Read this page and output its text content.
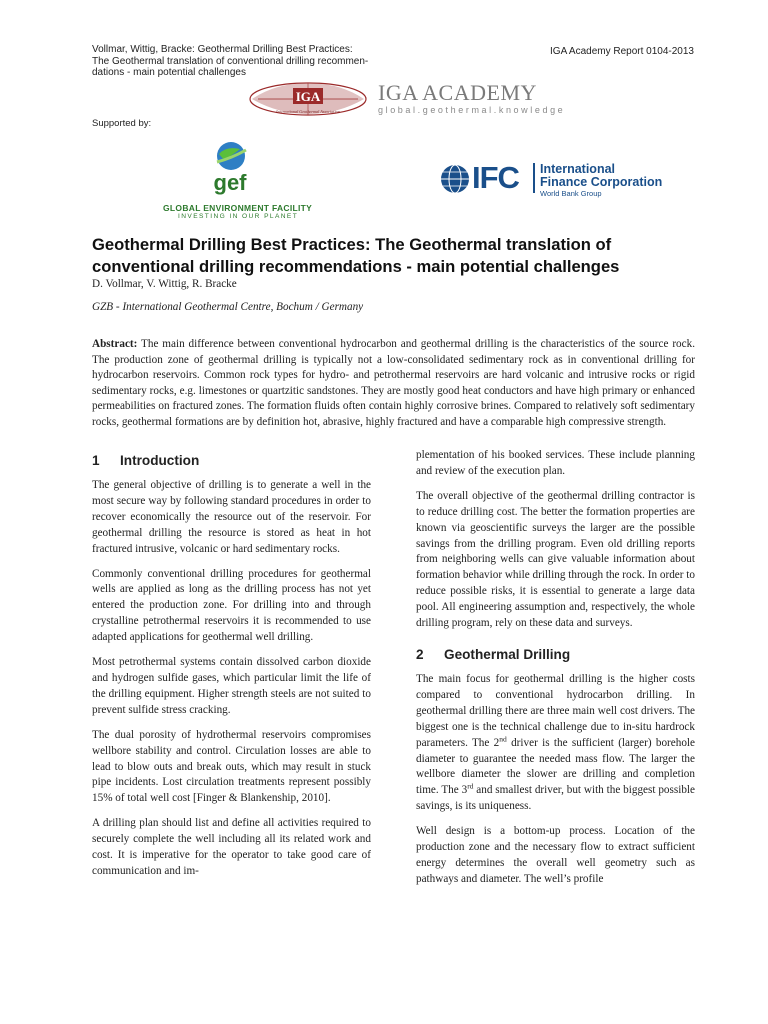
Vollmar, Wittig, Bracke: Geothermal Drilling Best Practices:
The Geothermal translation of conventional drilling recommen-
dations - main potential challenges
IGA Academy Report 0104-2013
IGA
International Geothermal Association
IGA ACADEMY
global.geothermal.knowledge
Supported by:
gef
GLOBAL ENVIRONMENT FACILITY
INVESTING IN OUR PLANET
IFC International
Finance Corporation
World Bank Group
Geothermal Drilling Best Practices: The Geothermal translation of
conventional drilling recommendations - main potential challenges
D. Vollmar, V. Wittig, R. Bracke
GZB - International Geothermal Centre, Bochum / Germany
Abstract: The main difference between conventional hydrocarbon and geothermal drilling is the characteristics of the source rock. The production zone of geothermal drilling is typically not a low-consolidated sedimentary rock as in conventional drilling for hydrocarbon reservoirs. Common rock types for hydro- and petrothermal reservoirs are hard volcanic and intrusive rocks or rigid sedimentary rocks, e.g. limestones or quartzitic sandstones. They are mostly good heat conductors and have high primary or enhanced permeabilities on fractured zones. The formation fluids often contain highly corrosive brines. Compared to relatively soft sedimentary rocks, geothermal formations are by definition hot, abrasive, highly fractured and have a comparable high compressive strength.
1 Introduction

The general objective of drilling is to generate a well in the most secure way by following standard procedures in order to recover economically the resource out of the reservoir. For geothermal drilling the resource is stored as heat in hot fractured intrusive, volcanic or hard sedimentary rocks.

Commonly conventional drilling procedures for geothermal wells are applied as long as the drilling process has not yet entered the production zone. For drilling into and through crystalline petrothermal reservoirs it is recommended to use adapted applications for geothermal well drilling.

Most petrothermal systems contain dissolved carbon dioxide and hydrogen sulfide gases, which particular limit the life of the drilling equipment. Higher strength steels are not suited to prevent sulfide stress cracking.

The dual porosity of hydrothermal reservoirs compromises wellbore stability and control. Circulation losses are able to lead to blow outs and break outs, which may result in stuck pipe incidents. Lost circulation treatments represent possibly 15% of total well cost [Finger & Blankenship, 2010].

A drilling plan should list and define all activities required to securely complete the well including all its related work and cost. It is imperative for the operator to take good care of communication and im-

plementation of his booked services. These include planning and review of the execution plan.

The overall objective of the geothermal drilling contractor is to reduce drilling cost. The better the formation properties are known via geoscientific surveys the larger are the possible savings from the drilling program. Even old drilling reports from neighboring wells can give valuable information about formation behavior while drilling through the rock. In order to reduce possible risks, it is essential to generate a large data pool. All engineering assumption and, respectively, the whole drilling program, rely on these data and surveys.

2 Geothermal Drilling

The main focus for geothermal drilling is the higher costs compared to conventional hydrocarbon drilling. In geothermal drilling there are three main well cost drivers. The biggest one is the technical challenge due to in-situ hardrock parameters. The 2nd driver is the sufficient (larger) borehole diameter to guarantee the needed mass flow. The larger the wellbore diameter the slower are drilling and completion time. The 3rd and smallest driver, but with the biggest possible savings, is its uniqueness.

Well design is a bottom-up process. Location of the production zone and the necessary flow to extract sufficient energy determines the overall well geometry such as pathways and diameter. The well’s profile
